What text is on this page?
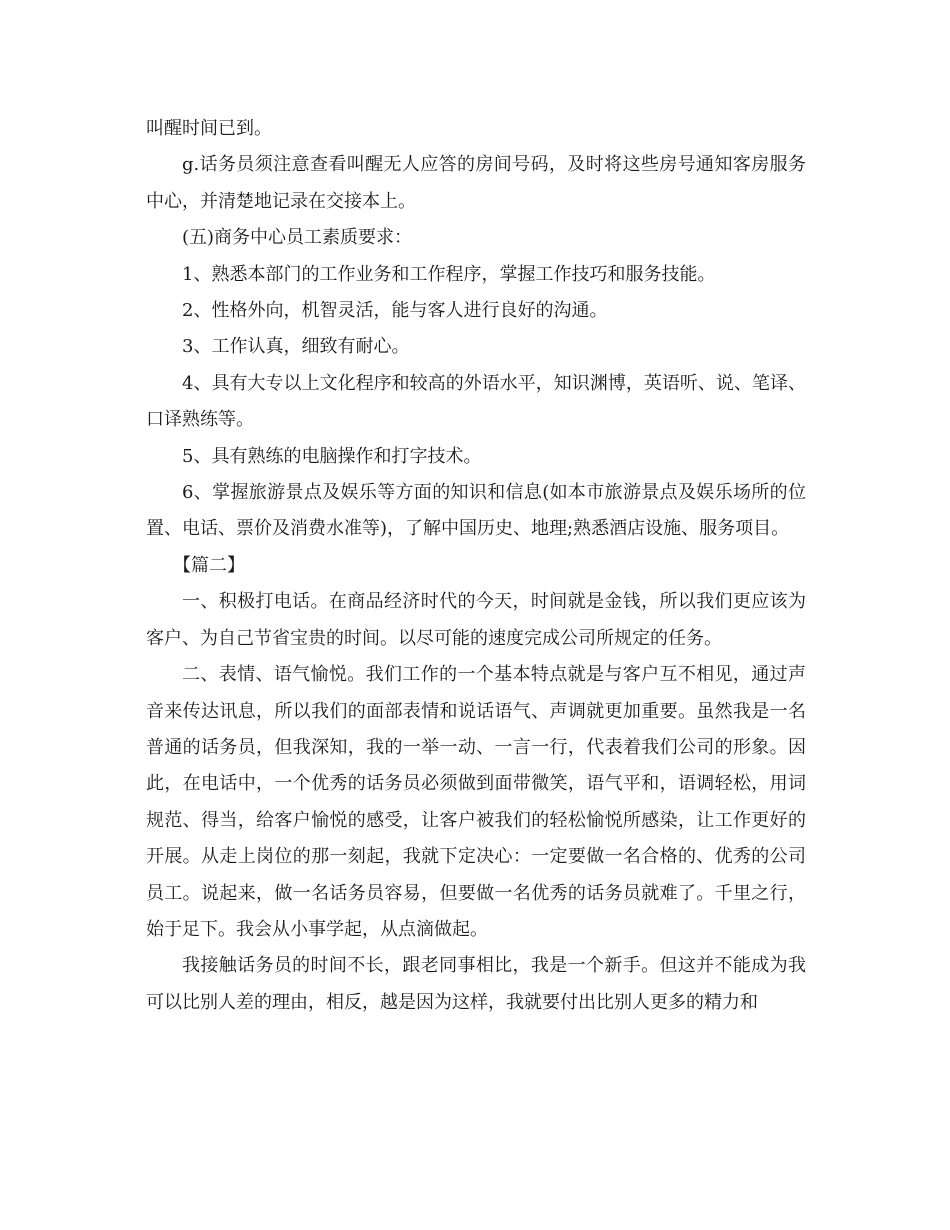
叫醒时间已到。

g.话务员须注意查看叫醒无人应答的房间号码，及时将这些房号通知客房服务中心，并清楚地记录在交接本上。

(五)商务中心员工素质要求：

1、熟悉本部门的工作业务和工作程序，掌握工作技巧和服务技能。

2、性格外向，机智灵活，能与客人进行良好的沟通。

3、工作认真，细致有耐心。

4、具有大专以上文化程序和较高的外语水平，知识渊博，英语听、说、笔译、口译熟练等。

5、具有熟练的电脑操作和打字技术。

6、掌握旅游景点及娱乐等方面的知识和信息(如本市旅游景点及娱乐场所的位置、电话、票价及消费水准等)，了解中国历史、地理;熟悉酒店设施、服务项目。

【篇二】

一、积极打电话。在商品经济时代的今天，时间就是金钱，所以我们更应该为客户、为自己节省宝贵的时间。以尽可能的速度完成公司所规定的任务。

二、表情、语气愉悦。我们工作的一个基本特点就是与客户互不相见，通过声音来传达讯息，所以我们的面部表情和说话语气、声调就更加重要。虽然我是一名普通的话务员，但我深知，我的一举一动、一言一行，代表着我们公司的形象。因此，在电话中，一个优秀的话务员必须做到面带微笑，语气平和，语调轻松，用词规范、得当，给客户愉悦的感受，让客户被我们的轻松愉悦所感染，让工作更好的开展。从走上岗位的那一刻起，我就下定决心：一定要做一名合格的、优秀的公司员工。说起来，做一名话务员容易，但要做一名优秀的话务员就难了。千里之行，始于足下。我会从小事学起，从点滴做起。

我接触话务员的时间不长，跟老同事相比，我是一个新手。但这并不能成为我可以比别人差的理由，相反，越是因为这样，我就要付出比别人更多的精力和
